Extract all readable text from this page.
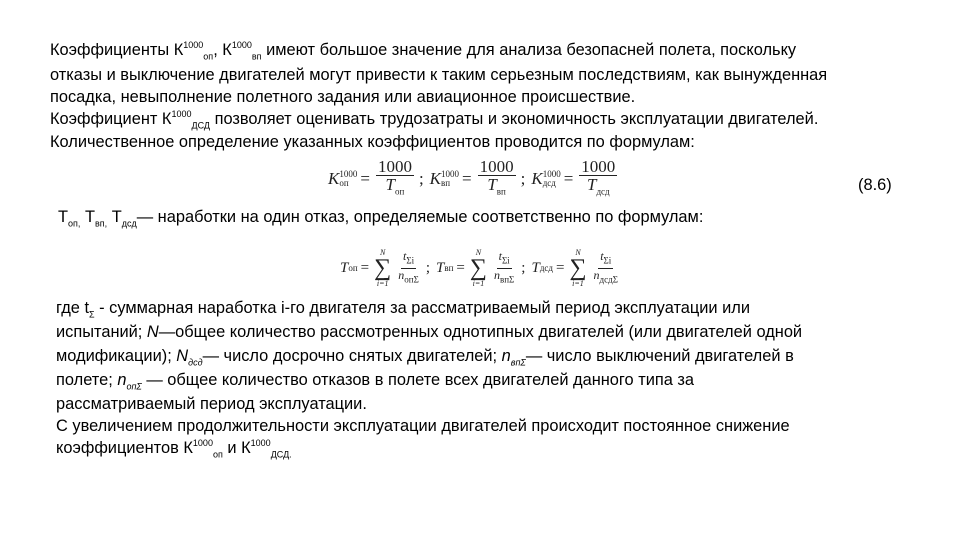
Коэффициенты $К^{1000}_{оп}$, $К^{1000}_{вп}$ имеют большое значение для анализа безопасней полета, поскольку
отказы и выключение двигателей могут привести к таким серьезным последствиям, как вынужденная
посадка, невыполнение полетного задания или авиационное происшествие.
Коэффициент $К^{1000}_{ДСД}$ позволяет оценивать трудозатраты и экономичность эксплуатации двигателей.
Количественное определение указанных коэффициентов проводится по формулам:
K 1000
оп = $\frac{1000}{T_{оп}}$ ; K 1000
вп = $\frac{1000}{T_{вп}}$ ; K 1000
дсд = $\frac{1000}{T_{дсд}}$	(8.6)
$Т_{оп,}$ $Т_{вп,}$ $Т_{дсд}—$ наработки на один отказ, определяемые соответственно по формулам:
T оп =
N
∑
$i=1 \frac{t_{\Sigma i}}{n_{оп\Sigma}}$ ; T вп =
N
∑
$i=1 \frac{t_{\Sigma i}}{n_{вп\Sigma}}$ ; T дсд =
N
∑
$i=1 \frac{t_{\Sigma i}}{n_{дсд\Sigma}}$
где $t_\Sigma$ - суммарная наработка i-го двигателя за рассматриваемый период эксплуатации или
испытаний; N—общее количество рассмотренных однотипных двигателей (или двигателей одной
модификации); $N_{дсд}—$ число досрочно снятых двигателей; $n_{вп\Sigma}—$ число выключений двигателей в
полете; $n_{оп\Sigma}$ — общее количество отказов в полете всех двигателей данного типа за
рассматриваемый период эксплуатации.
С увеличением продолжительности эксплуатации двигателей происходит постоянное снижение
коэффициентов $К^{1000}_{оп}$ и $К^{1000}_{ДСД.}$
